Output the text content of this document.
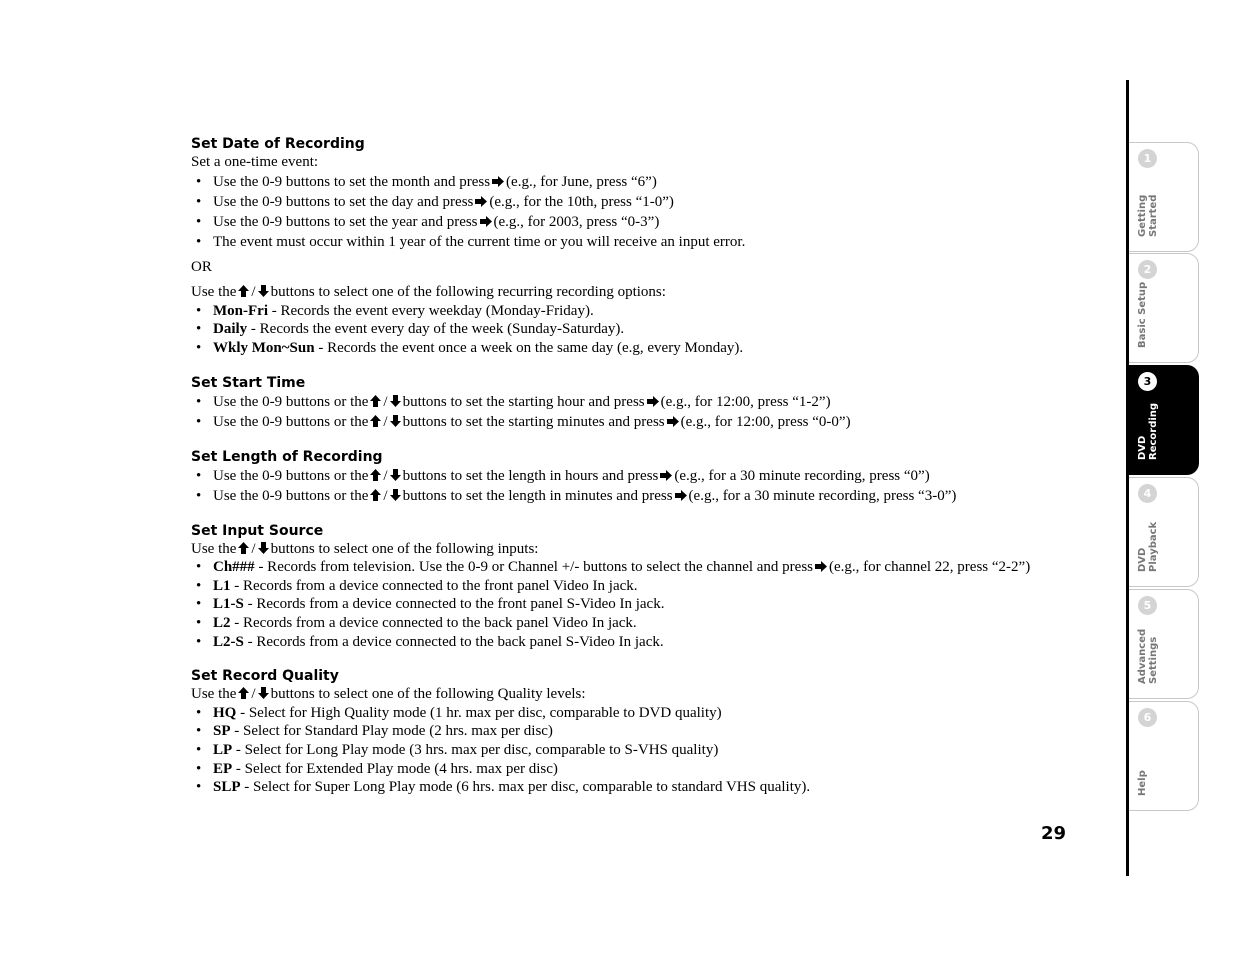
Set Date of Recording

Set a one-time event:

• Use the 0-9 buttons to set the month and press (e.g., for June, press “6”)
• Use the 0-9 buttons to set the day and press (e.g., for the 10th, press “1-0”)
• Use the 0-9 buttons to set the year and press (e.g., for 2003, press “0-3”)
• The event must occur within 1 year of the current time or you will receive an input error.

OR

Use the / buttons to select one of the following recurring recording options:

• Mon-Fri - Records the event every weekday (Monday-Friday).
• Daily - Records the event every day of the week (Sunday-Saturday).
• Wkly Mon~Sun - Records the event once a week on the same day (e.g, every Monday).
Set Start Time
• Use the 0-9 buttons or the / buttons to set the starting hour and press (e.g., for 12:00, press “1-2”)
• Use the 0-9 buttons or the / buttons to set the starting minutes and press (e.g., for 12:00, press “0-0”)
Set Length of Recording
• Use the 0-9 buttons or the / buttons to set the length in hours and press (e.g., for a 30 minute recording, press “0”)
• Use the 0-9 buttons or the / buttons to set the length in minutes and press (e.g., for a 30 minute recording, press “3-0”)
Set Input Source

Use the / buttons to select one of the following inputs:

• Ch### - Records from television. Use the 0-9 or Channel +/- buttons to select the channel and press (e.g., for channel 22, press “2-2”)
• L1 - Records from a device connected to the front panel Video In jack.
• L1-S - Records from a device connected to the front panel S-Video In jack.
• L2 - Records from a device connected to the back panel Video In jack.
• L2-S - Records from a device connected to the back panel S-Video In jack.
Set Record Quality

Use the / buttons to select one of the following Quality levels:

• HQ - Select for High Quality mode (1 hr. max per disc, comparable to DVD quality)
• SP - Select for Standard Play mode (2 hrs. max per disc)
• LP - Select for Long Play mode (3 hrs. max per disc, comparable to S-VHS quality)
• EP - Select for Extended Play mode (4 hrs. max per disc)
• SLP - Select for Super Long Play mode (6 hrs. max per disc, comparable to standard VHS quality).
29
1
Getting
Started
2
Basic Setup
3
DVD
Recording
4
DVD
Playback
5
Advanced
Settings
6
Help
